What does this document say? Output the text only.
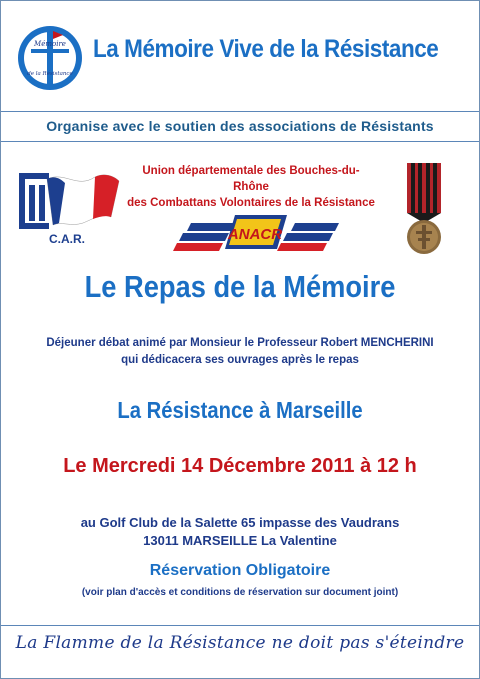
Mémoire
de la Résistance
La Mémoire Vive de la Résistance
Organise avec le soutien des associations de Résistants
C.A.R.
Union départementale des Bouches-du-Rhône
des Combattans Volontaires de la Résistance
ANACR
Le Repas de la Mémoire
Déjeuner débat animé par Monsieur le Professeur Robert MENCHERINI
qui dédicacera ses ouvrages après le repas
La Résistance à Marseille
Le Mercredi 14 Décembre 2011 à 12 h
au Golf Club de la Salette 65 impasse des Vaudrans
13011 MARSEILLE La Valentine
Réservation Obligatoire
(voir plan d'accès et conditions de réservation sur document joint)
La Flamme de la Résistance ne doit pas s'éteindre
